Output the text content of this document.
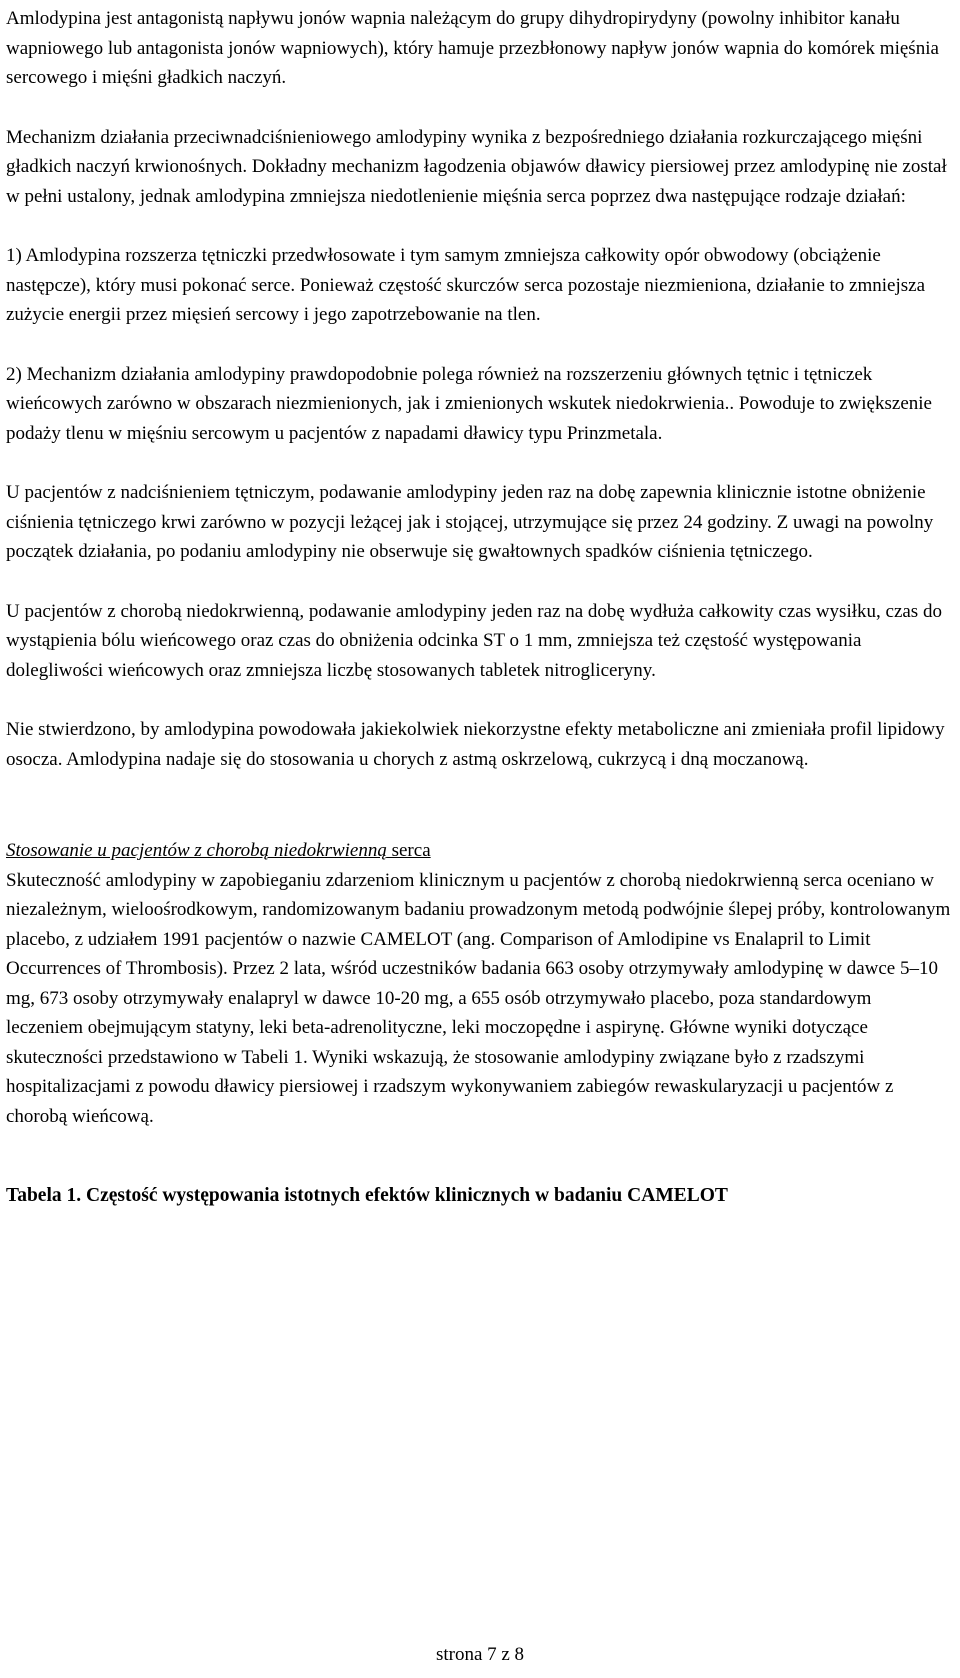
Amlodypina jest antagonistą napływu jonów wapnia należącym do grupy dihydropirydyny (powolny inhibitor kanału wapniowego lub antagonista jonów wapniowych), który hamuje przezbłonowy napływ jonów wapnia do komórek mięśnia sercowego i mięśni gładkich naczyń.

Mechanizm działania przeciwnadciśnieniowego amlodypiny wynika z bezpośredniego działania rozkurczającego mięśni gładkich naczyń krwionośnych. Dokładny mechanizm łagodzenia objawów dławicy piersiowej przez amlodypinę nie został w pełni ustalony, jednak amlodypina zmniejsza niedotlenienie mięśnia serca poprzez dwa następujące rodzaje działań:

1) Amlodypina rozszerza tętniczki przedwłosowate i tym samym zmniejsza całkowity opór obwodowy (obciążenie następcze), który musi pokonać serce. Ponieważ częstość skurczów serca pozostaje niezmieniona, działanie to zmniejsza zużycie energii przez mięsień sercowy i jego zapotrzebowanie na tlen.

2) Mechanizm działania amlodypiny prawdopodobnie polega również na rozszerzeniu głównych tętnic i tętniczek wieńcowych zarówno w obszarach niezmienionych, jak i zmienionych wskutek niedokrwienia.. Powoduje to zwiększenie podaży tlenu w mięśniu sercowym u pacjentów z napadami dławicy typu Prinzmetala.

U pacjentów z nadciśnieniem tętniczym, podawanie amlodypiny jeden raz na dobę zapewnia klinicznie istotne obniżenie ciśnienia tętniczego krwi zarówno w pozycji leżącej jak i stojącej, utrzymujące się przez 24 godziny. Z uwagi na powolny początek działania, po podaniu amlodypiny nie obserwuje się gwałtownych spadków ciśnienia tętniczego.

U pacjentów z chorobą niedokrwienną, podawanie amlodypiny jeden raz na dobę wydłuża całkowity czas wysiłku, czas do wystąpienia bólu wieńcowego oraz czas do obniżenia odcinka ST o 1 mm, zmniejsza też częstość występowania dolegliwości wieńcowych oraz zmniejsza liczbę stosowanych tabletek nitrogliceryny.

Nie stwierdzono, by amlodypina powodowała jakiekolwiek niekorzystne efekty metaboliczne ani zmieniała profil lipidowy osocza. Amlodypina nadaje się do stosowania u chorych z astmą oskrzelową, cukrzycą i dną moczanową.

Stosowanie u pacjentów z chorobą niedokrwienną serca

Skuteczność amlodypiny w zapobieganiu zdarzeniom klinicznym u pacjentów z chorobą niedokrwienną serca oceniano w niezależnym, wieloośrodkowym, randomizowanym badaniu prowadzonym metodą podwójnie ślepej próby, kontrolowanym placebo, z udziałem 1991 pacjentów o nazwie CAMELOT (ang. Comparison of Amlodipine vs Enalapril to Limit Occurrences of Thrombosis). Przez 2 lata, wśród uczestników badania 663 osoby otrzymywały amlodypinę w dawce 5–10 mg, 673 osoby otrzymywały enalapryl w dawce 10-20 mg, a 655 osób otrzymywało placebo, poza standardowym leczeniem obejmującym statyny, leki beta-adrenolityczne, leki moczopędne i aspirynę. Główne wyniki dotyczące skuteczności przedstawiono w Tabeli 1. Wyniki wskazują, że stosowanie amlodypiny związane było z rzadszymi hospitalizacjami z powodu dławicy piersiowej i rzadszym wykonywaniem zabiegów rewaskularyzacji u pacjentów z chorobą wieńcową.

Tabela 1. Częstość występowania istotnych efektów klinicznych w badaniu CAMELOT

strona 7 z 8
